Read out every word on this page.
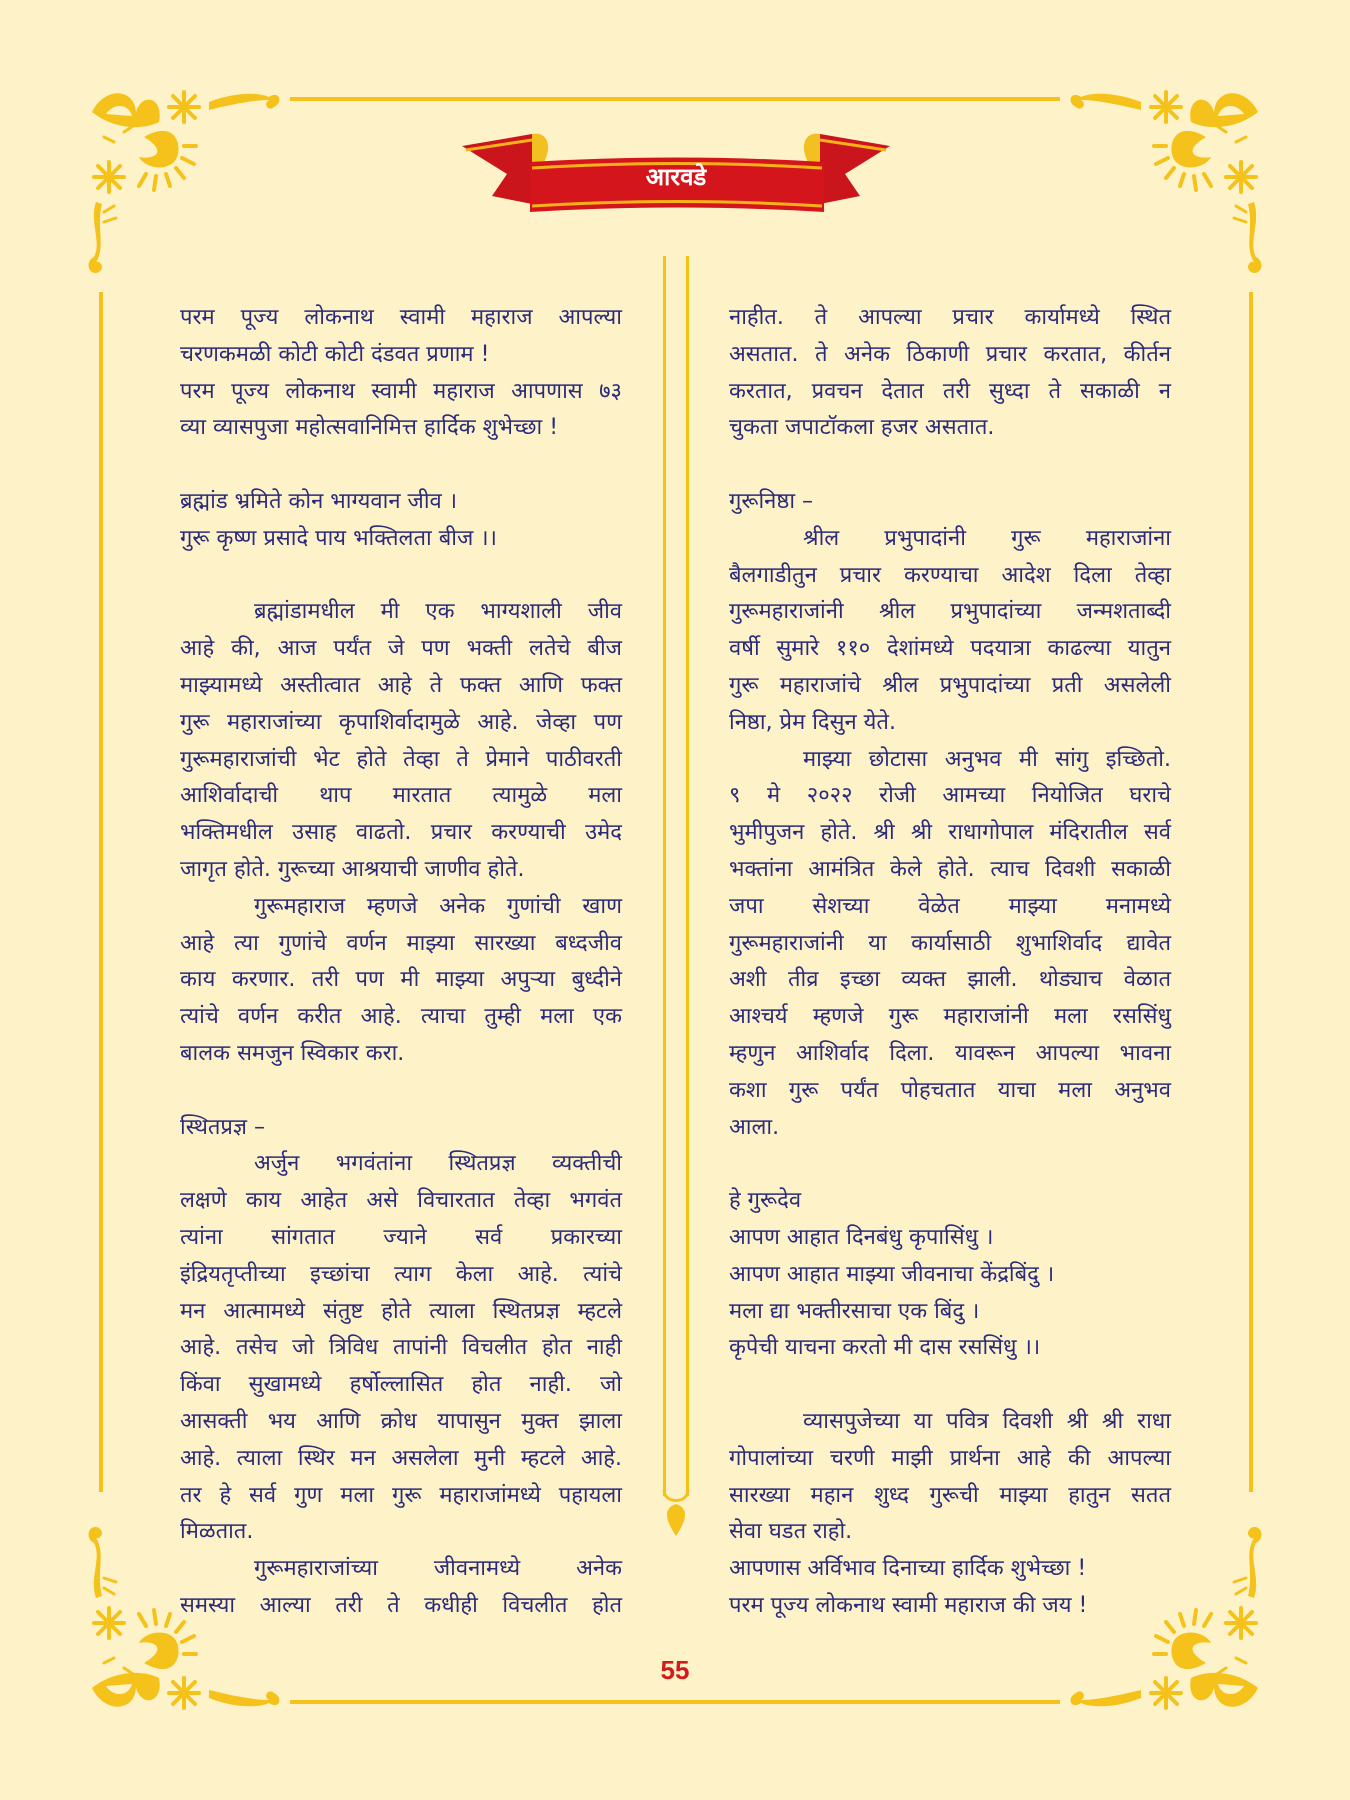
आरवडे
परम पूज्य लोकनाथ स्वामी महाराज आपल्या
चरणकमळी कोटी कोटी दंडवत प्रणाम !
परम पूज्य लोकनाथ स्वामी महाराज आपणास ७३
व्या व्यासपुजा महोत्सवानिमित्त हार्दिक शुभेच्छा !
ब्रह्मांड भ्रमिते कोन भाग्यवान जीव ।
गुरू कृष्ण प्रसादे पाय भक्तिलता बीज ।।
ब्रह्मांडामधील मी एक भाग्यशाली जीव
आहे की, आज पर्यंत जे पण भक्ती लतेचे बीज
माझ्यामध्ये अस्तीत्वात आहे ते फक्त आणि फक्त
गुरू महाराजांच्या कृपाशिर्वादामुळे आहे. जेव्हा पण
गुरूमहाराजांची भेट होते तेव्हा ते प्रेमाने पाठीवरती
आशिर्वादाची थाप मारतात त्यामुळे मला
भक्तिमधील उसाह वाढतो. प्रचार करण्याची उमेद
जागृत होते. गुरूच्या आश्रयाची जाणीव होते.
गुरूमहाराज म्हणजे अनेक गुणांची खाण
आहे त्या गुणांचे वर्णन माझ्या सारख्या बध्दजीव
काय करणार. तरी पण मी माझ्या अपुऱ्या बुध्दीने
त्यांचे वर्णन करीत आहे. त्याचा तुम्ही मला एक
बालक समजुन स्विकार करा.
स्थितप्रज्ञ –
अर्जुन भगवंतांना स्थितप्रज्ञ व्यक्तीची
लक्षणे काय आहेत असे विचारतात तेव्हा भगवंत
त्यांना सांगतात ज्याने सर्व प्रकारच्या
इंद्रियतृप्तीच्या इच्छांचा त्याग केला आहे. त्यांचे
मन आत्मामध्ये संतुष्ट होते त्याला स्थितप्रज्ञ म्हटले
आहे. तसेच जो त्रिविध तापांनी विचलीत होत नाही
किंवा सुखामध्ये हर्षोल्लासित होत नाही. जो
आसक्ती भय आणि क्रोध यापासुन मुक्त झाला
आहे. त्याला स्थिर मन असलेला मुनी म्हटले आहे.
तर हे सर्व गुण मला गुरू महाराजांमध्ये पहायला
मिळतात.
गुरूमहाराजांच्या जीवनामध्ये अनेक
समस्या आल्या तरी ते कधीही विचलीत होत
नाहीत. ते आपल्या प्रचार कार्यामध्ये स्थित
असतात. ते अनेक ठिकाणी प्रचार करतात, कीर्तन
करतात, प्रवचन देतात तरी सुध्दा ते सकाळी न
चुकता जपाटॉकला हजर असतात.
गुरूनिष्ठा –
श्रील प्रभुपादांनी गुरू महाराजांना
बैलगाडीतुन प्रचार करण्याचा आदेश दिला तेव्हा
गुरूमहाराजांनी श्रील प्रभुपादांच्या जन्मशताब्दी
वर्षी सुमारे ११० देशांमध्ये पदयात्रा काढल्या यातुन
गुरू महाराजांचे श्रील प्रभुपादांच्या प्रती असलेली
निष्ठा, प्रेम दिसुन येते.
माझ्या छोटासा अनुभव मी सांगु इच्छितो.
९ मे २०२२ रोजी आमच्या नियोजित घराचे
भुमीपुजन होते. श्री श्री राधागोपाल मंदिरातील सर्व
भक्तांना आमंत्रित केले होते. त्याच दिवशी सकाळी
जपा सेशच्या वेळेत माझ्या मनामध्ये
गुरूमहाराजांनी या कार्यासाठी शुभाशिर्वाद द्यावेत
अशी तीव्र इच्छा व्यक्त झाली. थोड्याच वेळात
आश्चर्य म्हणजे गुरू महाराजांनी मला रससिंधु
म्हणुन आशिर्वाद दिला. यावरून आपल्या भावना
कशा गुरू पर्यंत पोहचतात याचा मला अनुभव
आला.
हे गुरूदेव
आपण आहात दिनबंधु कृपासिंधु ।
आपण आहात माझ्या जीवनाचा केंद्रबिंदु ।
मला द्या भक्तीरसाचा एक बिंदु ।
कृपेची याचना करतो मी दास रससिंधु ।।
व्यासपुजेच्या या पवित्र दिवशी श्री श्री राधा
गोपालांच्या चरणी माझी प्रार्थना आहे की आपल्या
सारख्या महान शुध्द गुरूची माझ्या हातुन सतत
सेवा घडत राहो.
आपणास अर्विभाव दिनाच्या हार्दिक शुभेच्छा !
परम पूज्य लोकनाथ स्वामी महाराज की जय !
55
